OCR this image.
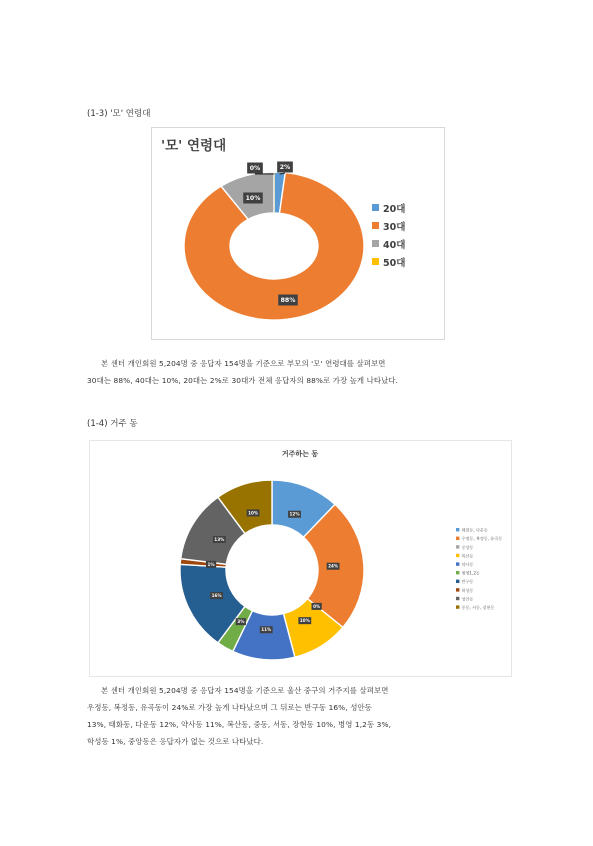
(1-3) '모' 연령대
'모' 연령대
2%
88%
10%
0%
20대
30대
40대
50대

본 센터 개인회원 5,204명 중 응답자 154명을 기준으로 부모의 '모' 연령대를 살펴보면

30대는 88%, 40대는 10%, 20대는 2%로 30대가 전체 응답자의 88%로 가장 높게 나타났다.

(1-4) 거주 동
거주하는 동
12%
24%
0%
10%
11%
3%
16%
1%
13%
10%
태화동, 다운동
우정동, 복정동, 유곡동
중앙동
복산동
약사동
병영1,2동
반구동
학성동
성안동
중동, 서동, 장현동

본 센터 개인회원 5,204명 중 응답자 154명을 기준으로 울산 중구의 거주지를 살펴보면

우정동, 복정동, 유곡동이 24%로 가장 높게 나타났으며 그 뒤로는 반구동 16%, 성안동

13%, 태화동, 다운동 12%, 약사동 11%, 복산동, 중동, 서동, 장현동 10%, 병영 1,2동 3%,

학성동 1%, 중앙동은 응답자가 없는 것으로 나타났다.
